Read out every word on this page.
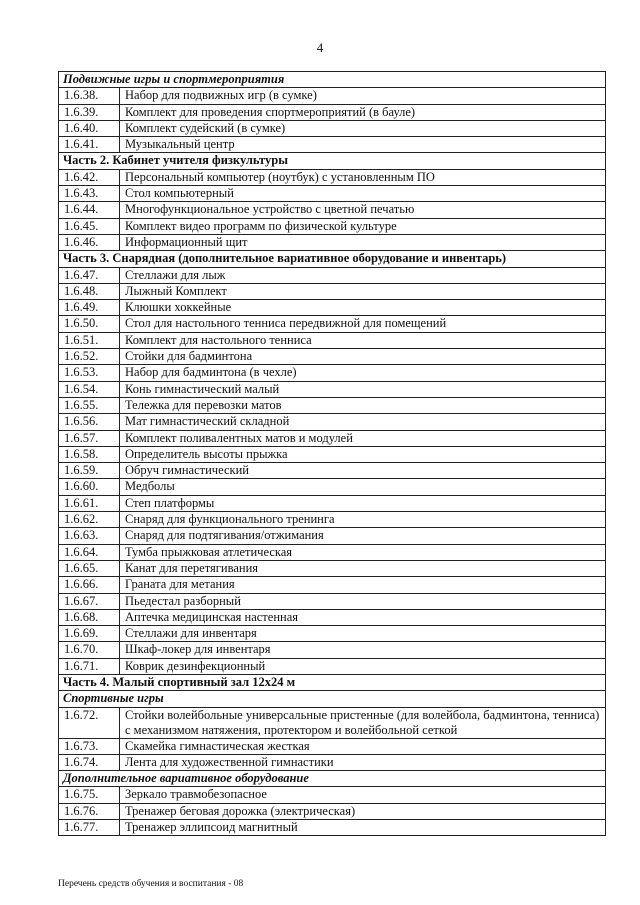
4
Подвижные игры и спортмероприятия	
1.6.38.	Набор для подвижных игр (в сумке)
1.6.39.	Комплект для проведения спортмероприятий (в бауле)
1.6.40.	Комплект судейский (в сумке)
1.6.41.	Музыкальный центр
Часть 2. Кабинет учителя физкультуры	
1.6.42.	Персональный компьютер (ноутбук) с установленным ПО
1.6.43.	Стол компьютерный
1.6.44.	Многофункциональное устройство с цветной печатью
1.6.45.	Комплект видео программ по физической культуре
1.6.46.	Информационный щит
Часть 3. Снарядная (дополнительное вариативное оборудование и инвентарь)	
1.6.47.	Стеллажи для лыж
1.6.48.	Лыжный Комплект
1.6.49.	Клюшки хоккейные
1.6.50.	Стол для настольного тенниса передвижной для помещений
1.6.51.	Комплект для настольного тенниса
1.6.52.	Стойки для бадминтона
1.6.53.	Набор для бадминтона (в чехле)
1.6.54.	Конь гимнастический малый
1.6.55.	Тележка для перевозки матов
1.6.56.	Мат гимнастический складной
1.6.57.	Комплект поливалентных матов и модулей
1.6.58.	Определитель высоты прыжка
1.6.59.	Обруч гимнастический
1.6.60.	Медболы
1.6.61.	Степ платформы
1.6.62.	Снаряд для функционального тренинга
1.6.63.	Снаряд для подтягивания/отжимания
1.6.64.	Тумба прыжковая атлетическая
1.6.65.	Канат для перетягивания
1.6.66.	Граната для метания
1.6.67.	Пьедестал разборный
1.6.68.	Аптечка медицинская настенная
1.6.69.	Стеллажи для инвентаря
1.6.70.	Шкаф-локер для инвентаря
1.6.71.	Коврик дезинфекционный
Часть 4. Малый спортивный зал 12х24 м	
Спортивные игры	
1.6.72.	Стойки волейбольные универсальные пристенные (для волейбола, бадминтона, тенниса) с механизмом натяжения, протектором и волейбольной сеткой
1.6.73.	Скамейка гимнастическая жесткая
1.6.74.	Лента для художественной гимнастики
Дополнительное вариативное оборудование	
1.6.75.	Зеркало травмобезопасное
1.6.76.	Тренажер беговая дорожка (электрическая)
1.6.77.	Тренажер эллипсоид магнитный
Перечень средств обучения и воспитания - 08
